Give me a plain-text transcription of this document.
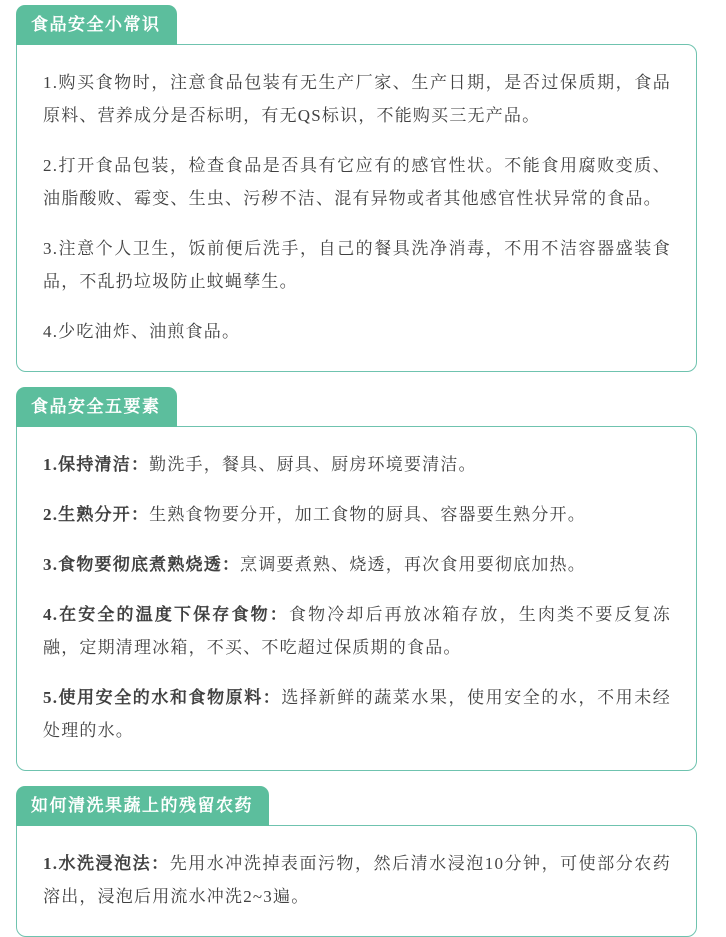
食品安全小常识

1.购买食物时，注意食品包装有无生产厂家、生产日期，是否过保质期，食品原料、营养成分是否标明，有无QS标识，不能购买三无产品。

2.打开食品包装，检查食品是否具有它应有的感官性状。不能食用腐败变质、油脂酸败、霉变、生虫、污秽不洁、混有异物或者其他感官性状异常的食品。

3.注意个人卫生，饭前便后洗手，自己的餐具洗净消毒，不用不洁容器盛装食品，不乱扔垃圾防止蚊蝇孳生。

4.少吃油炸、油煎食品。

食品安全五要素

1.保持清洁：勤洗手，餐具、厨具、厨房环境要清洁。

2.生熟分开：生熟食物要分开，加工食物的厨具、容器要生熟分开。

3.食物要彻底煮熟烧透：烹调要煮熟、烧透，再次食用要彻底加热。

4.在安全的温度下保存食物：食物冷却后再放冰箱存放，生肉类不要反复冻融，定期清理冰箱，不买、不吃超过保质期的食品。

5.使用安全的水和食物原料：选择新鲜的蔬菜水果，使用安全的水，不用未经处理的水。

如何清洗果蔬上的残留农药

1.水洗浸泡法：先用水冲洗掉表面污物，然后清水浸泡10分钟，可使部分农药溶出，浸泡后用流水冲洗2~3遍。
